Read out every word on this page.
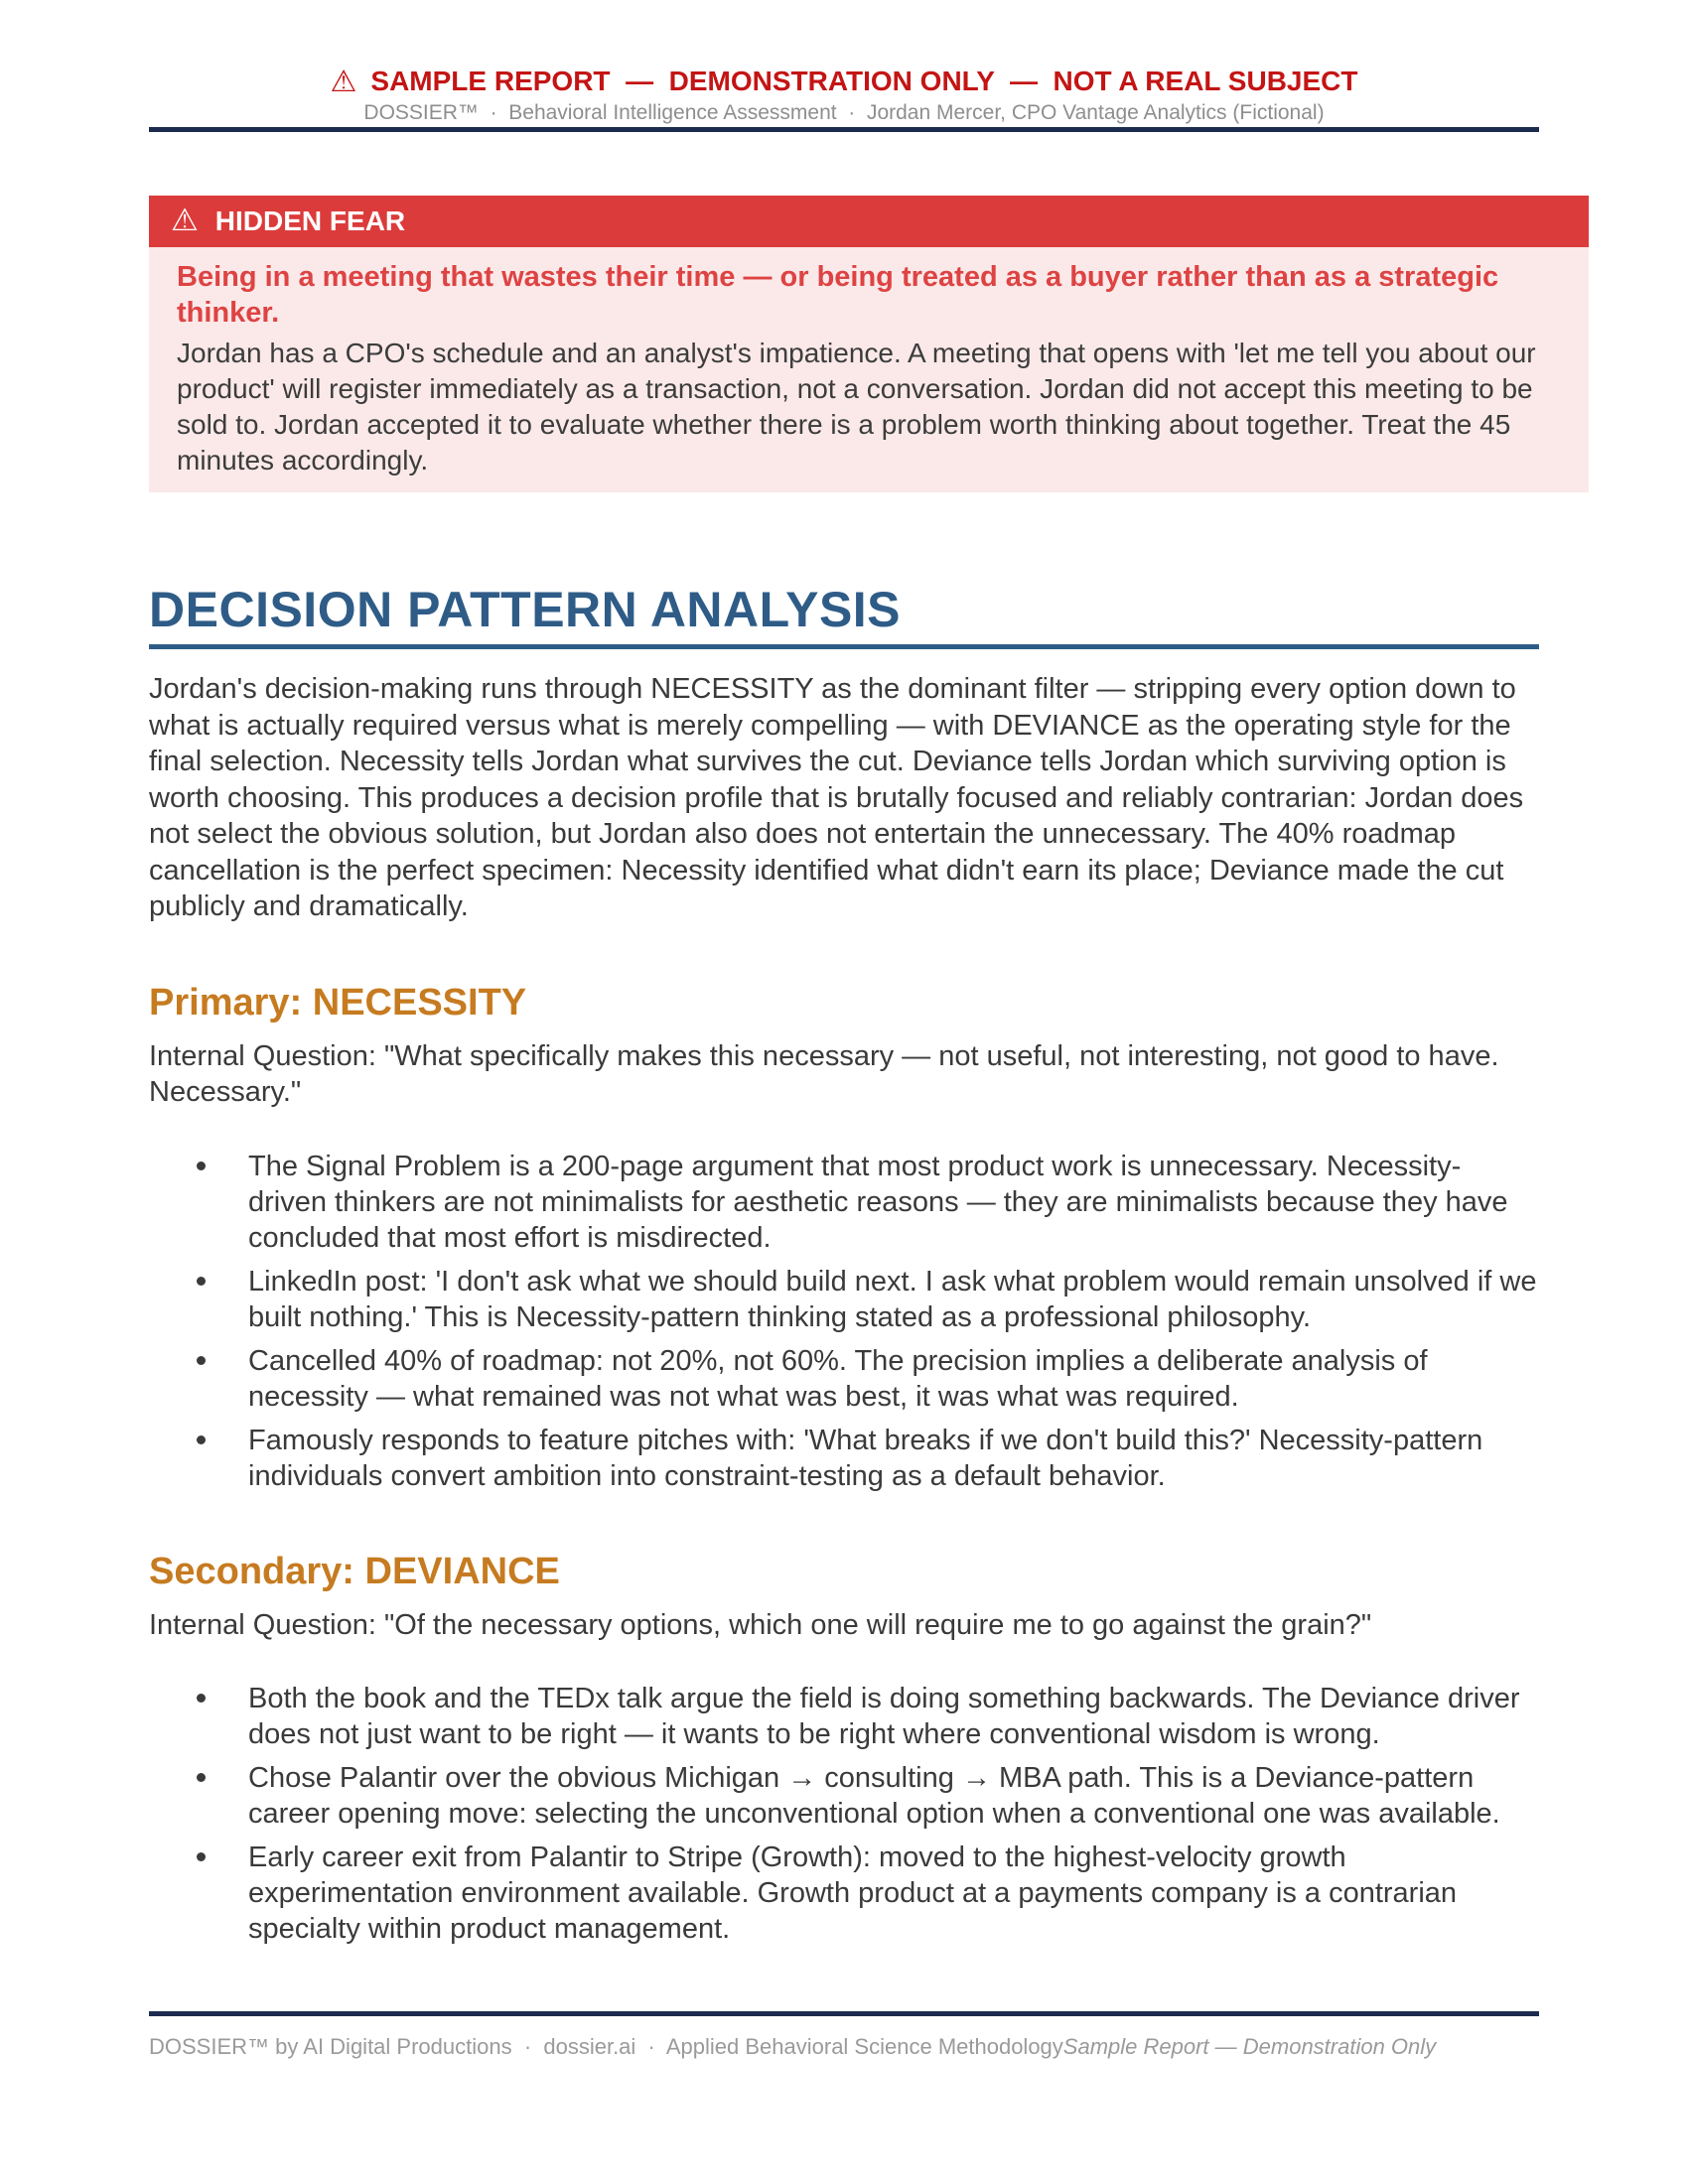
⚠ SAMPLE REPORT  —  DEMONSTRATION ONLY  —  NOT A REAL SUBJECT
DOSSIER™  ·  Behavioral Intelligence Assessment  ·  Jordan Mercer, CPO Vantage Analytics (Fictional)
⚠ HIDDEN FEAR

Being in a meeting that wastes their time — or being treated as a buyer rather than as a strategic thinker.

Jordan has a CPO's schedule and an analyst's impatience. A meeting that opens with 'let me tell you about our product' will register immediately as a transaction, not a conversation. Jordan did not accept this meeting to be sold to. Jordan accepted it to evaluate whether there is a problem worth thinking about together. Treat the 45 minutes accordingly.

DECISION PATTERN ANALYSIS

Jordan's decision-making runs through NECESSITY as the dominant filter — stripping every option down to what is actually required versus what is merely compelling — with DEVIANCE as the operating style for the final selection. Necessity tells Jordan what survives the cut. Deviance tells Jordan which surviving option is worth choosing. This produces a decision profile that is brutally focused and reliably contrarian: Jordan does not select the obvious solution, but Jordan also does not entertain the unnecessary. The 40% roadmap cancellation is the perfect specimen: Necessity identified what didn't earn its place; Deviance made the cut publicly and dramatically.

Primary: NECESSITY

Internal Question: "What specifically makes this necessary — not useful, not interesting, not good to have. Necessary."

The Signal Problem is a 200-page argument that most product work is unnecessary. Necessity-driven thinkers are not minimalists for aesthetic reasons — they are minimalists because they have concluded that most effort is misdirected.
LinkedIn post: 'I don't ask what we should build next. I ask what problem would remain unsolved if we built nothing.' This is Necessity-pattern thinking stated as a professional philosophy.
Cancelled 40% of roadmap: not 20%, not 60%. The precision implies a deliberate analysis of necessity — what remained was not what was best, it was what was required.
Famously responds to feature pitches with: 'What breaks if we don't build this?' Necessity-pattern individuals convert ambition into constraint-testing as a default behavior.
Secondary: DEVIANCE

Internal Question: "Of the necessary options, which one will require me to go against the grain?"

Both the book and the TEDx talk argue the field is doing something backwards. The Deviance driver does not just want to be right — it wants to be right where conventional wisdom is wrong.
Chose Palantir over the obvious Michigan → consulting → MBA path. This is a Deviance-pattern career opening move: selecting the unconventional option when a conventional one was available.
Early career exit from Palantir to Stripe (Growth): moved to the highest-velocity growth experimentation environment available. Growth product at a payments company is a contrarian specialty within product management.

DOSSIER™ by AI Digital Productions  ·  dossier.ai  ·  Applied Behavioral Science MethodologySample Report — Demonstration Only
